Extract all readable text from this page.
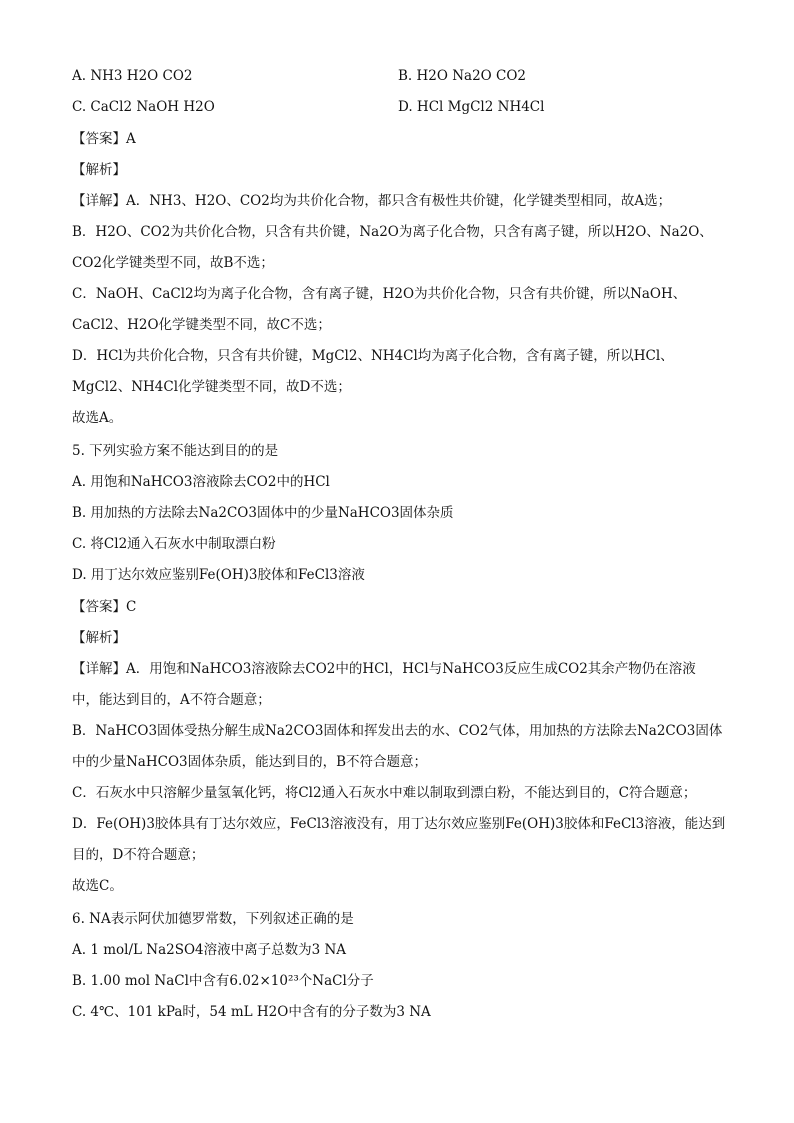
A. NH3 H2O CO2	B. H2O Na2O CO2
C. CaCl2 NaOH H2O	D. HCl MgCl2 NH4Cl
【答案】A
【解析】
【详解】A．NH3、H2O、CO2均为共价化合物，都只含有极性共价键，化学键类型相同，故A选；
B．H2O、CO2为共价化合物，只含有共价键，Na2O为离子化合物，只含有离子键，所以H2O、Na2O、
CO2化学键类型不同，故B不选；
C．NaOH、CaCl2均为离子化合物，含有离子键，H2O为共价化合物，只含有共价键，所以NaOH、
CaCl2、H2O化学键类型不同，故C不选；
D．HCl为共价化合物，只含有共价键，MgCl2、NH4Cl均为离子化合物，含有离子键，所以HCl、
MgCl2、NH4Cl化学键类型不同，故D不选；
故选A。
5. 下列实验方案不能达到目的的是
A. 用饱和NaHCO3溶液除去CO2中的HCl
B. 用加热的方法除去Na2CO3固体中的少量NaHCO3固体杂质
C. 将Cl2通入石灰水中制取漂白粉
D. 用丁达尔效应鉴别Fe(OH)3胶体和FeCl3溶液
【答案】C
【解析】
【详解】A．用饱和NaHCO3溶液除去CO2中的HCl，HCl与NaHCO3反应生成CO2其余产物仍在溶液
中，能达到目的，A不符合题意；
B．NaHCO3固体受热分解生成Na2CO3固体和挥发出去的水、CO2气体，用加热的方法除去Na2CO3固体
中的少量NaHCO3固体杂质，能达到目的，B不符合题意；
C．石灰水中只溶解少量氢氧化钙，将Cl2通入石灰水中难以制取到漂白粉，不能达到目的，C符合题意；
D．Fe(OH)3胶体具有丁达尔效应，FeCl3溶液没有，用丁达尔效应鉴别Fe(OH)3胶体和FeCl3溶液，能达到
目的，D不符合题意；
故选C。
6. NA表示阿伏加德罗常数，下列叙述正确的是
A. 1 mol/L Na2SO4溶液中离子总数为3 NA
B. 1.00 mol NaCl中含有6.02×10²³个NaCl分子
C. 4℃、101 kPa时，54 mL H2O中含有的分子数为3 NA
